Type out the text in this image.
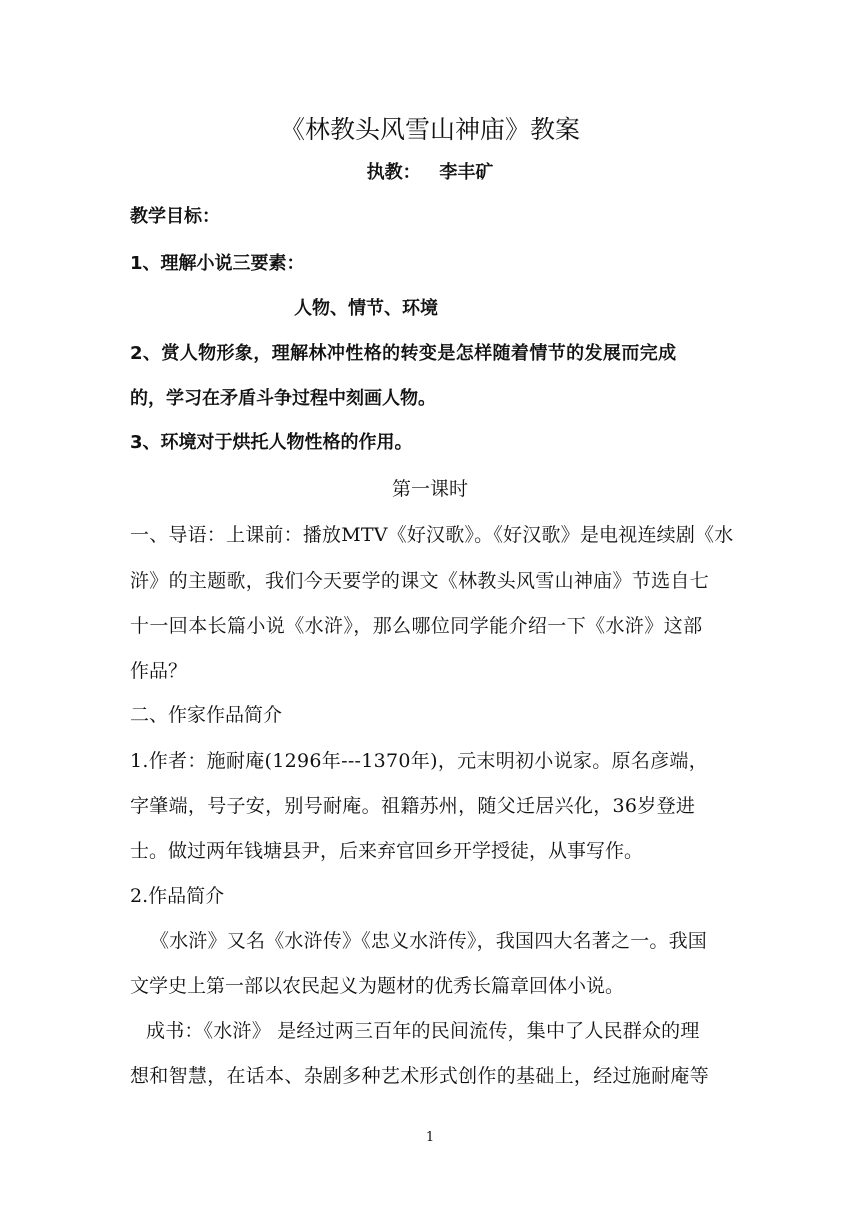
《林教头风雪山神庙》教案
执教： 李丰矿
教学目标：
1、理解小说三要素：
人物、情节、环境
2、赏人物形象，理解林冲性格的转变是怎样随着情节的发展而完成
的，学习在矛盾斗争过程中刻画人物。
3、环境对于烘托人物性格的作用。
第一课时
一、导语：上课前：播放MTV《好汉歌》。《好汉歌》是电视连续剧《水
浒》的主题歌，我们今天要学的课文《林教头风雪山神庙》节选自七
十一回本长篇小说《水浒》，那么哪位同学能介绍一下《水浒》这部
作品？
二、作家作品简介
1.作者：施耐庵(1296年---1370年)，元末明初小说家。原名彦端，
字肇端，号子安，别号耐庵。祖籍苏州，随父迁居兴化，36岁登进
士。做过两年钱塘县尹，后来弃官回乡开学授徒，从事写作。
2.作品简介
《水浒》又名《水浒传》《忠义水浒传》，我国四大名著之一。我国
文学史上第一部以农民起义为题材的优秀长篇章回体小说。
成书：《水浒》 是经过两三百年的民间流传，集中了人民群众的理
想和智慧，在话本、杂剧多种艺术形式创作的基础上，经过施耐庵等
1
